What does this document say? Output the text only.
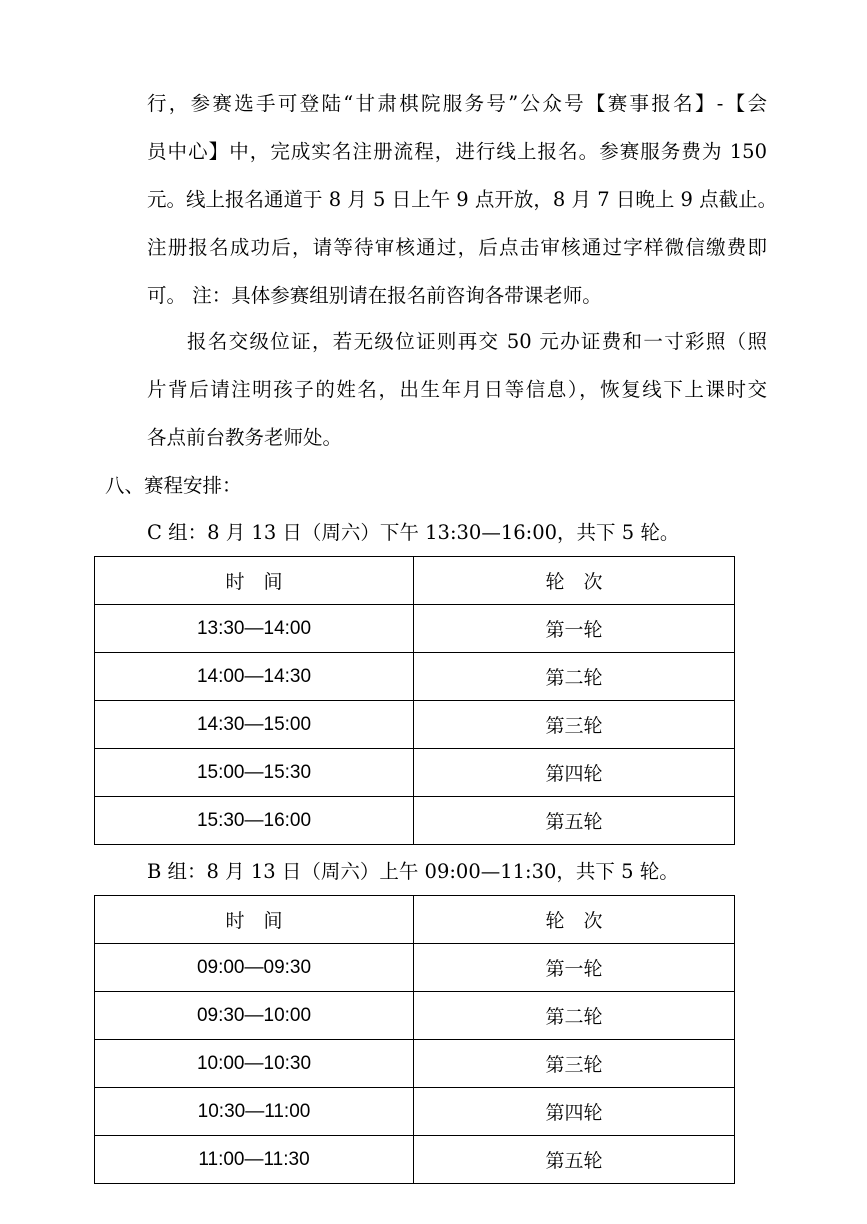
行，参赛选手可登陆“甘肃棋院服务号”公众号【赛事报名】-【会

员中心】中，完成实名注册流程，进行线上报名。参赛服务费为 150

元。线上报名通道于 8 月 5 日上午 9 点开放，8 月 7 日晚上 9 点截止。

注册报名成功后，请等待审核通过，后点击审核通过字样微信缴费即

可。 注：具体参赛组别请在报名前咨询各带课老师。

报名交级位证，若无级位证则再交 50 元办证费和一寸彩照（照

片背后请注明孩子的姓名，出生年月日等信息），恢复线下上课时交

各点前台教务老师处。

八、赛程安排：

C 组：8 月 13 日（周六）下午 13:30—16:00，共下 5 轮。

时　间	轮　次
13:30—14:00	第一轮
14:00—14:30	第二轮
14:30—15:00	第三轮
15:00—15:30	第四轮
15:30—16:00	第五轮

B 组：8 月 13 日（周六）上午 09:00—11:30，共下 5 轮。

时　间	轮　次
09:00—09:30	第一轮
09:30—10:00	第二轮
10:00—10:30	第三轮
10:30—11:00	第四轮
11:00—11:30	第五轮
